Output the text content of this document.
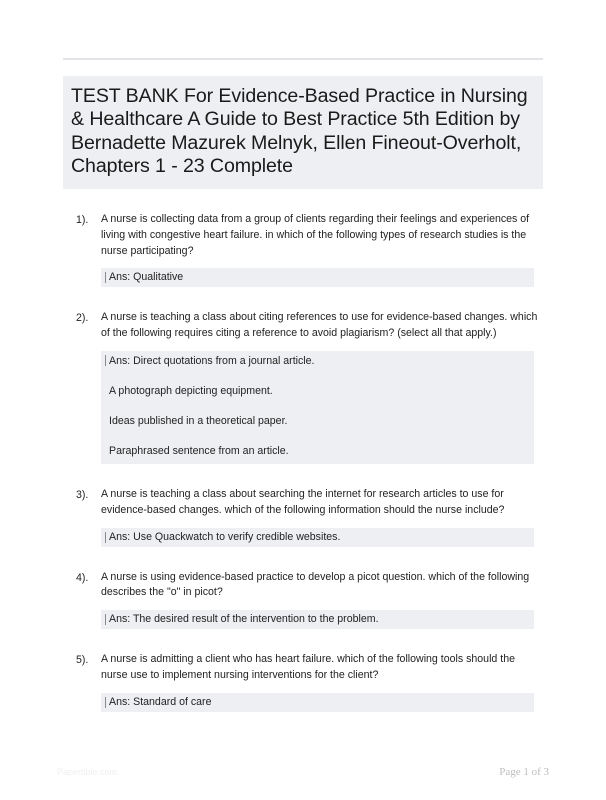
TEST BANK For Evidence-Based Practice in Nursing & Healthcare A Guide to Best Practice 5th Edition by Bernadette Mazurek Melnyk, Ellen Fineout-Overholt, Chapters 1 - 23 Complete
1). A nurse is collecting data from a group of clients regarding their feelings and experiences of living with congestive heart failure. in which of the following types of research studies is the nurse participating?
Ans: Qualitative
2). A nurse is teaching a class about citing references to use for evidence-based changes. which of the following requires citing a reference to avoid plagiarism? (select all that apply.)
Ans: Direct quotations from a journal article.
A photograph depicting equipment.
Ideas published in a theoretical paper.
Paraphrased sentence from an article.
3). A nurse is teaching a class about searching the internet for research articles to use for evidence-based changes. which of the following information should the nurse include?
Ans: Use Quackwatch to verify credible websites.
4). A nurse is using evidence-based practice to develop a picot question. which of the following describes the "o" in picot?
Ans: The desired result of the intervention to the problem.
5). A nurse is admitting a client who has heart failure. which of the following tools should the nurse use to implement nursing interventions for the client?
Ans: Standard of care
Papertible.com	Page 1 of 3
